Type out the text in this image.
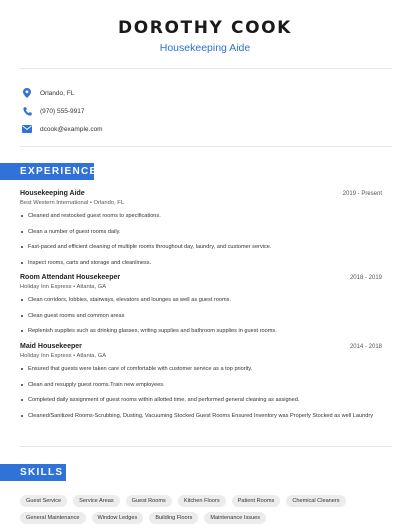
DOROTHY COOK
Housekeeping Aide
Orlando, FL
(970) 555-9917
dcook@example.com
EXPERIENCE
Housekeeping Aide	2019 - Present
Best Western International • Orlando, FL
Cleaned and restocked guest rooms to specifications.
Clean a number of guest rooms daily.
Fast-paced and efficient cleaning of multiple rooms throughout day, laundry, and customer service.
Inspect rooms, carts and storage and cleanliness.
Room Attendant Housekeeper	2018 - 2019
Holiday Inn Express • Atlanta, GA
Clean corridors, lobbies, stairways, elevators and lounges as well as guest rooms.
Clean guest rooms and common areas
Replenish supplies such as drinking glasses, writing supplies and bathroom supplies in guest rooms.
Maid Housekeeper	2014 - 2018
Holiday Inn Express • Atlanta, GA
Ensured that guests were taken care of comfortable with customer service as a top priority.
Clean and resupply guest rooms.Train new employees.
Completed daily assignment of guest rooms within allotted time, and performed general cleaning as assigned.
Cleaned/Sanitized Rooms-Scrubbing, Dusting, Vacuuming Stocked Guest Rooms Ensured Inventory was Properly Stocked as well Laundry
SKILLS
Guest Service	Service Areas	Guest Rooms	Kitchen Floors	Patient Rooms	Chemical Cleaners
General Maintenance	Window Ledges	Building Floors	Maintenance Issues
